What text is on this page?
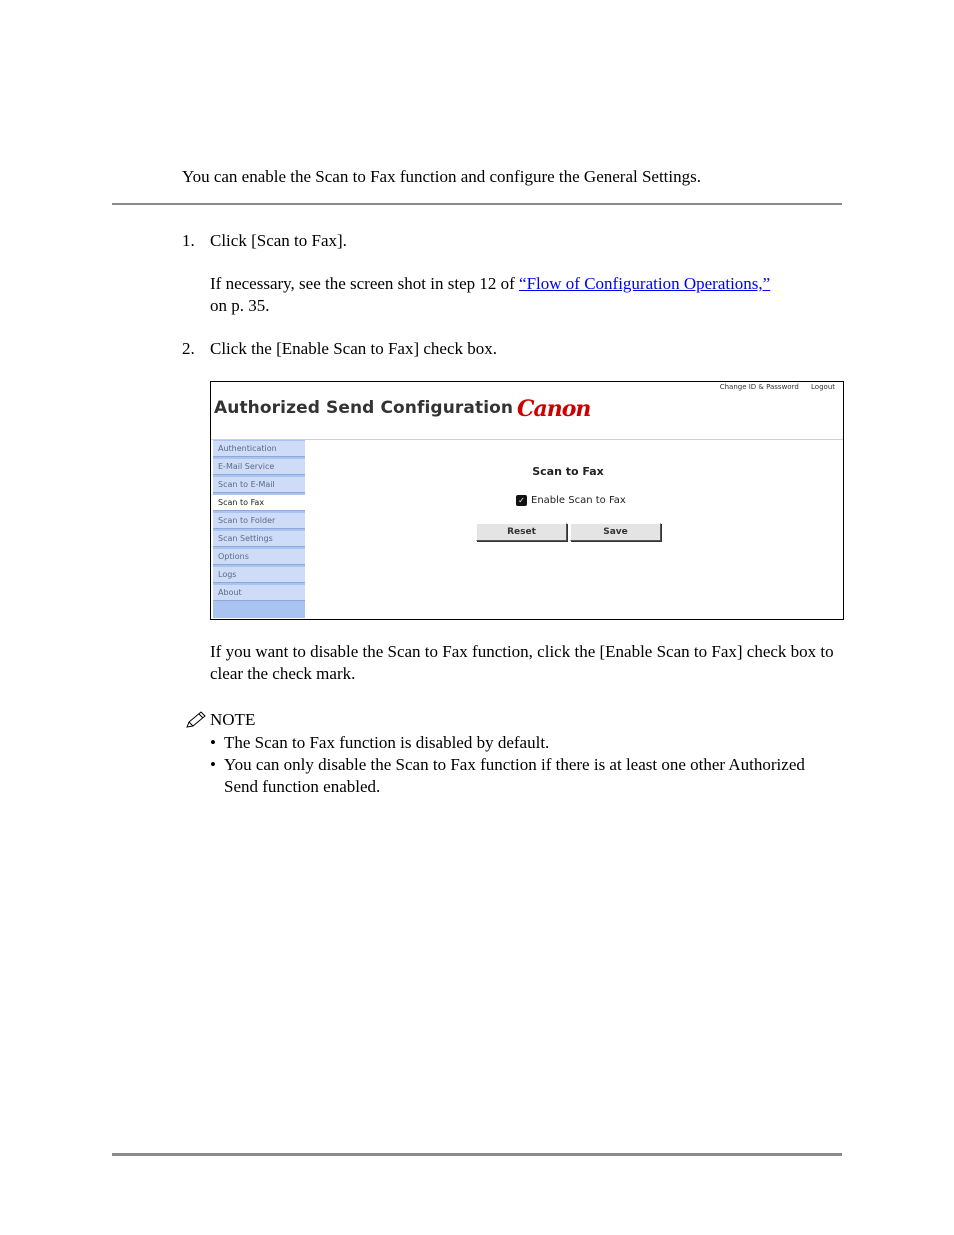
You can enable the Scan to Fax function and configure the General Settings.
1. Click [Scan to Fax].
If necessary, see the screen shot in step 12 of “Flow of Configuration Operations,”
on p. 35.
2. Click the [Enable Scan to Fax] check box.
Authorized Send Configuration Canon
Change ID & Password Logout
Authentication
E-Mail Service
Scan to E-Mail
Scan to Fax
Scan to Folder
Scan Settings
Options
Logs
About
Scan to Fax
✓ Enable Scan to Fax
Reset	Save
If you want to disable the Scan to Fax function, click the [Enable Scan to Fax] check box to clear the check mark.
NOTE
• The Scan to Fax function is disabled by default.
• You can only disable the Scan to Fax function if there is at least one other Authorized Send function enabled.
